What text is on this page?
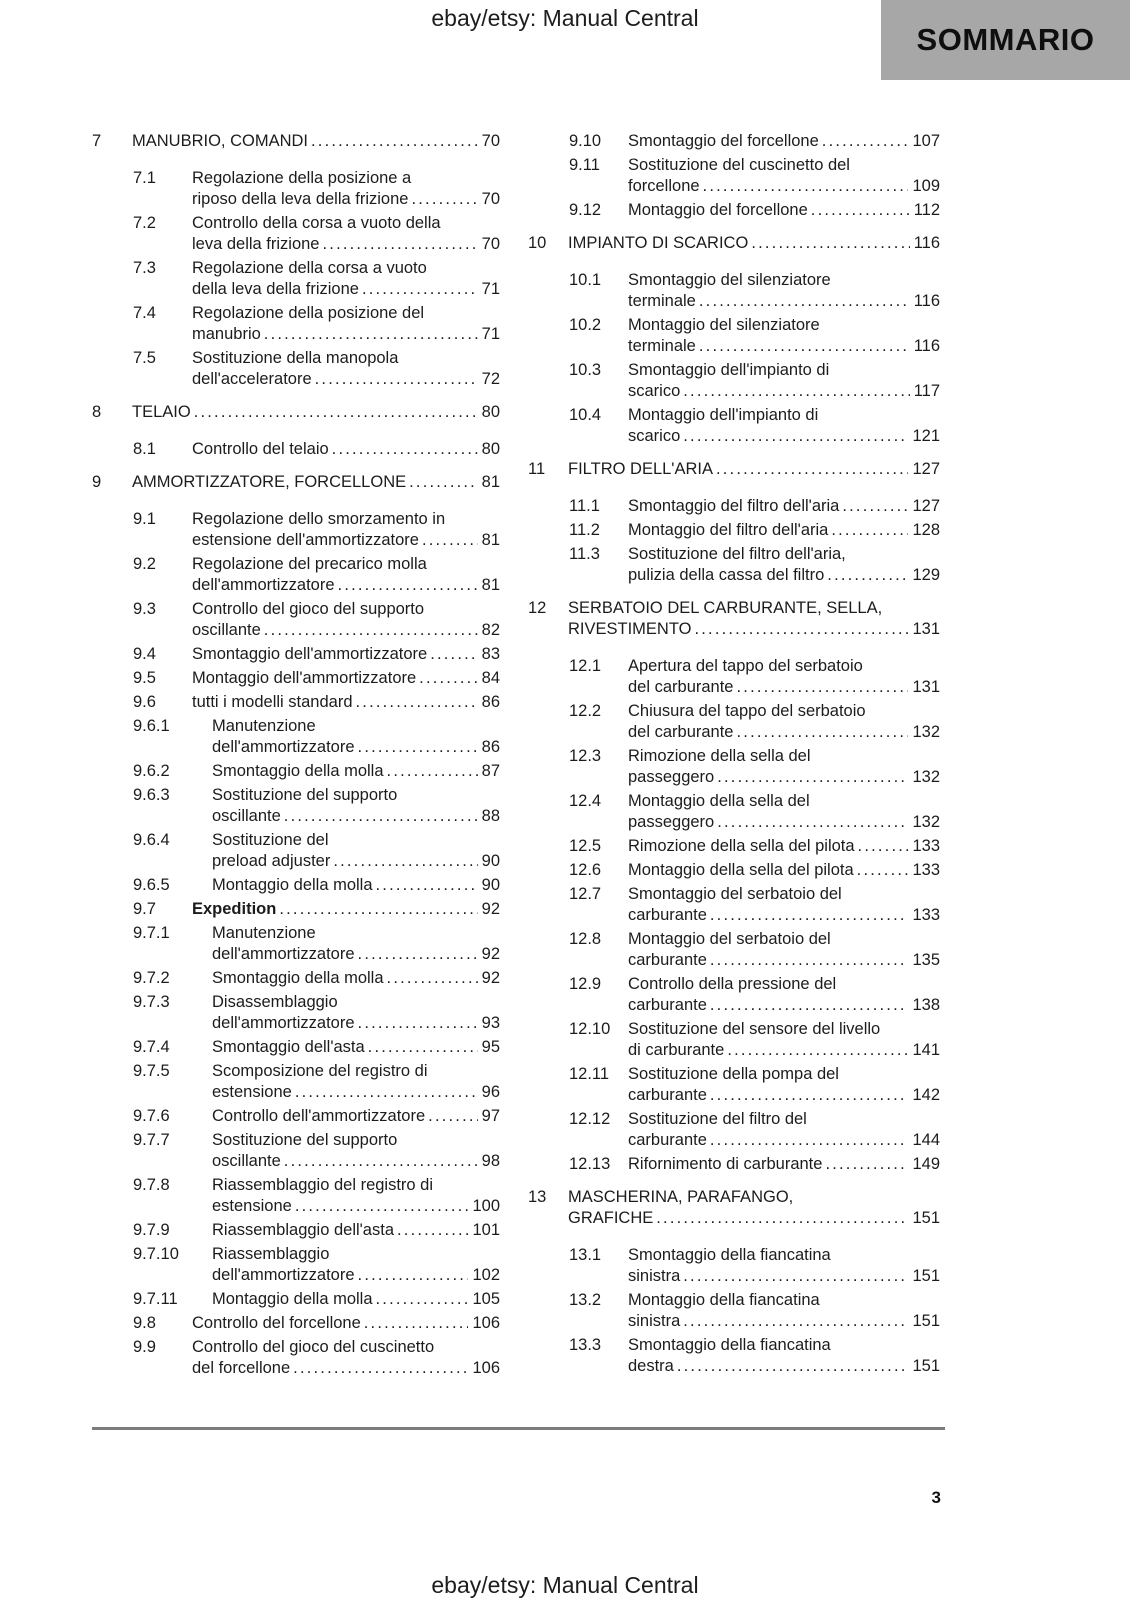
ebay/etsy: Manual Central
SOMMARIO
7	MANUBRIO, COMANDI .....	70
7.1	Regolazione della posizione a
riposo della leva della frizione .....	70
7.2	Controllo della corsa a vuoto della
leva della frizione .....	70
7.3	Regolazione della corsa a vuoto
della leva della frizione .....	71
7.4	Regolazione della posizione del
manubrio .....	71
7.5	Sostituzione della manopola
dell'acceleratore .....	72
8	TELAIO .....	80
8.1	Controllo del telaio .....	80
9	AMMORTIZZATORE, FORCELLONE .....	81
9.1	Regolazione dello smorzamento in
estensione dell'ammortizzatore .....	81
9.2	Regolazione del precarico molla
dell'ammortizzatore .....	81
9.3	Controllo del gioco del supporto
oscillante .....	82
9.4	Smontaggio dell'ammortizzatore .....	83
9.5	Montaggio dell'ammortizzatore .....	84
9.6	tutti i modelli standard .....	86
9.6.1	Manutenzione
dell'ammortizzatore .....	86
9.6.2	Smontaggio della molla .....	87
9.6.3	Sostituzione del supporto
oscillante .....	88
9.6.4	Sostituzione del
preload adjuster .....	90
9.6.5	Montaggio della molla .....	90
9.7	Expedition .....	92
9.7.1	Manutenzione
dell'ammortizzatore .....	92
9.7.2	Smontaggio della molla .....	92
9.7.3	Disassemblaggio
dell'ammortizzatore .....	93
9.7.4	Smontaggio dell'asta .....	95
9.7.5	Scomposizione del registro di
estensione .....	96
9.7.6	Controllo dell'ammortizzatore .....	97
9.7.7	Sostituzione del supporto
oscillante .....	98
9.7.8	Riassemblaggio del registro di
estensione .....	100
9.7.9	Riassemblaggio dell'asta .....	101
9.7.10	Riassemblaggio
dell'ammortizzatore .....	102
9.7.11	Montaggio della molla .....	105
9.8	Controllo del forcellone .....	106
9.9	Controllo del gioco del cuscinetto
del forcellone .....	106
9.10	Smontaggio del forcellone .....	107
9.11	Sostituzione del cuscinetto del
forcellone .....	109
9.12	Montaggio del forcellone .....	112
10	IMPIANTO DI SCARICO .....	116
10.1	Smontaggio del silenziatore
terminale .....	116
10.2	Montaggio del silenziatore
terminale .....	116
10.3	Smontaggio dell'impianto di
scarico .....	117
10.4	Montaggio dell'impianto di
scarico .....	121
11	FILTRO DELL'ARIA .....	127
11.1	Smontaggio del filtro dell'aria .....	127
11.2	Montaggio del filtro dell'aria .....	128
11.3	Sostituzione del filtro dell'aria,
pulizia della cassa del filtro .....	129
12	SERBATOIO DEL CARBURANTE, SELLA,
RIVESTIMENTO .....	131
12.1	Apertura del tappo del serbatoio
del carburante .....	131
12.2	Chiusura del tappo del serbatoio
del carburante .....	132
12.3	Rimozione della sella del
passeggero .....	132
12.4	Montaggio della sella del
passeggero .....	132
12.5	Rimozione della sella del pilota .....	133
12.6	Montaggio della sella del pilota .....	133
12.7	Smontaggio del serbatoio del
carburante .....	133
12.8	Montaggio del serbatoio del
carburante .....	135
12.9	Controllo della pressione del
carburante .....	138
12.10	Sostituzione del sensore del livello
di carburante .....	141
12.11	Sostituzione della pompa del
carburante .....	142
12.12	Sostituzione del filtro del
carburante .....	144
12.13	Rifornimento di carburante .....	149
13	MASCHERINA, PARAFANGO,
GRAFICHE .....	151
13.1	Smontaggio della fiancatina
sinistra .....	151
13.2	Montaggio della fiancatina
sinistra .....	151
13.3	Smontaggio della fiancatina
destra .....	151
3
ebay/etsy: Manual Central
